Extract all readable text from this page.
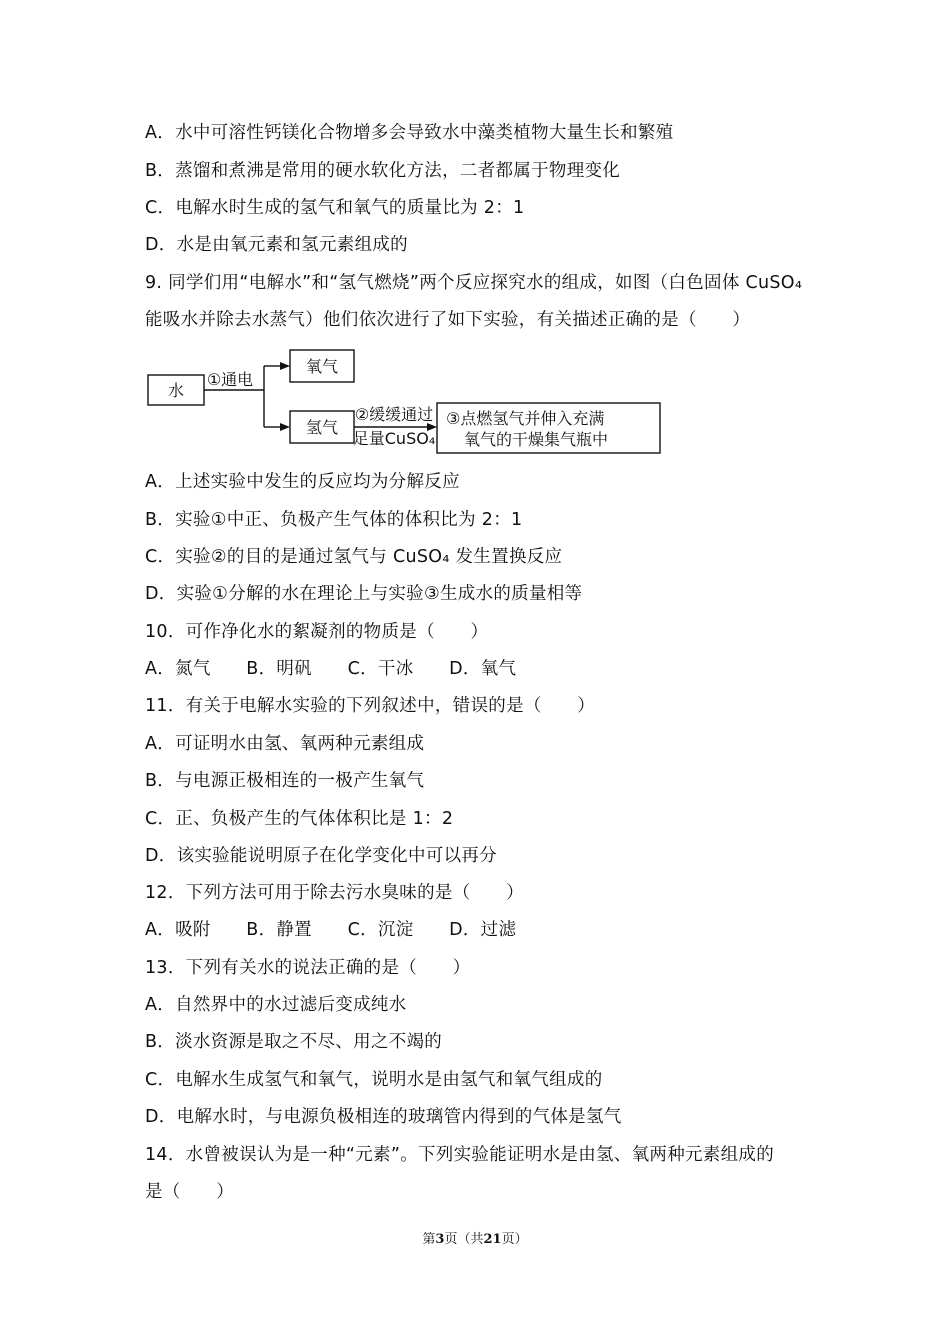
A．水中可溶性钙镁化合物增多会导致水中藻类植物大量生长和繁殖
B．蒸馏和煮沸是常用的硬水软化方法，二者都属于物理变化
C．电解水时生成的氢气和氧气的质量比为 2：1
D．水是由氧元素和氢元素组成的
9. 同学们用“电解水”和“氢气燃烧”两个反应探究水的组成，如图（白色固体 CuSO₄
能吸水并除去水蒸气）他们依次进行了如下实验，有关描述正确的是（　　）
水
①通电
氧气
氢气
②缓缓通过
足量CuSO₄
③点燃氢气并伸入充满
氧气的干燥集气瓶中
A．上述实验中发生的反应均为分解反应
B．实验①中正、负极产生气体的体积比为 2：1
C．实验②的目的是通过氢气与 CuSO₄ 发生置换反应
D．实验①分解的水在理论上与实验③生成水的质量相等
10．可作净化水的絮凝剂的物质是（　　）
A．氮气　　B．明矾　　C．干冰　　D．氧气
11．有关于电解水实验的下列叙述中，错误的是（　　）
A．可证明水由氢、氧两种元素组成
B．与电源正极相连的一极产生氧气
C．正、负极产生的气体体积比是 1：2
D．该实验能说明原子在化学变化中可以再分
12．下列方法可用于除去污水臭味的是（　　）
A．吸附　　B．静置　　C．沉淀　　D．过滤
13．下列有关水的说法正确的是（　　）
A．自然界中的水过滤后变成纯水
B．淡水资源是取之不尽、用之不竭的
C．电解水生成氢气和氧气，说明水是由氢气和氧气组成的
D．电解水时，与电源负极相连的玻璃管内得到的气体是氢气
14．水曾被误认为是一种“元素”。下列实验能证明水是由氢、氧两种元素组成的
是（　　）
第3页（共21页）
